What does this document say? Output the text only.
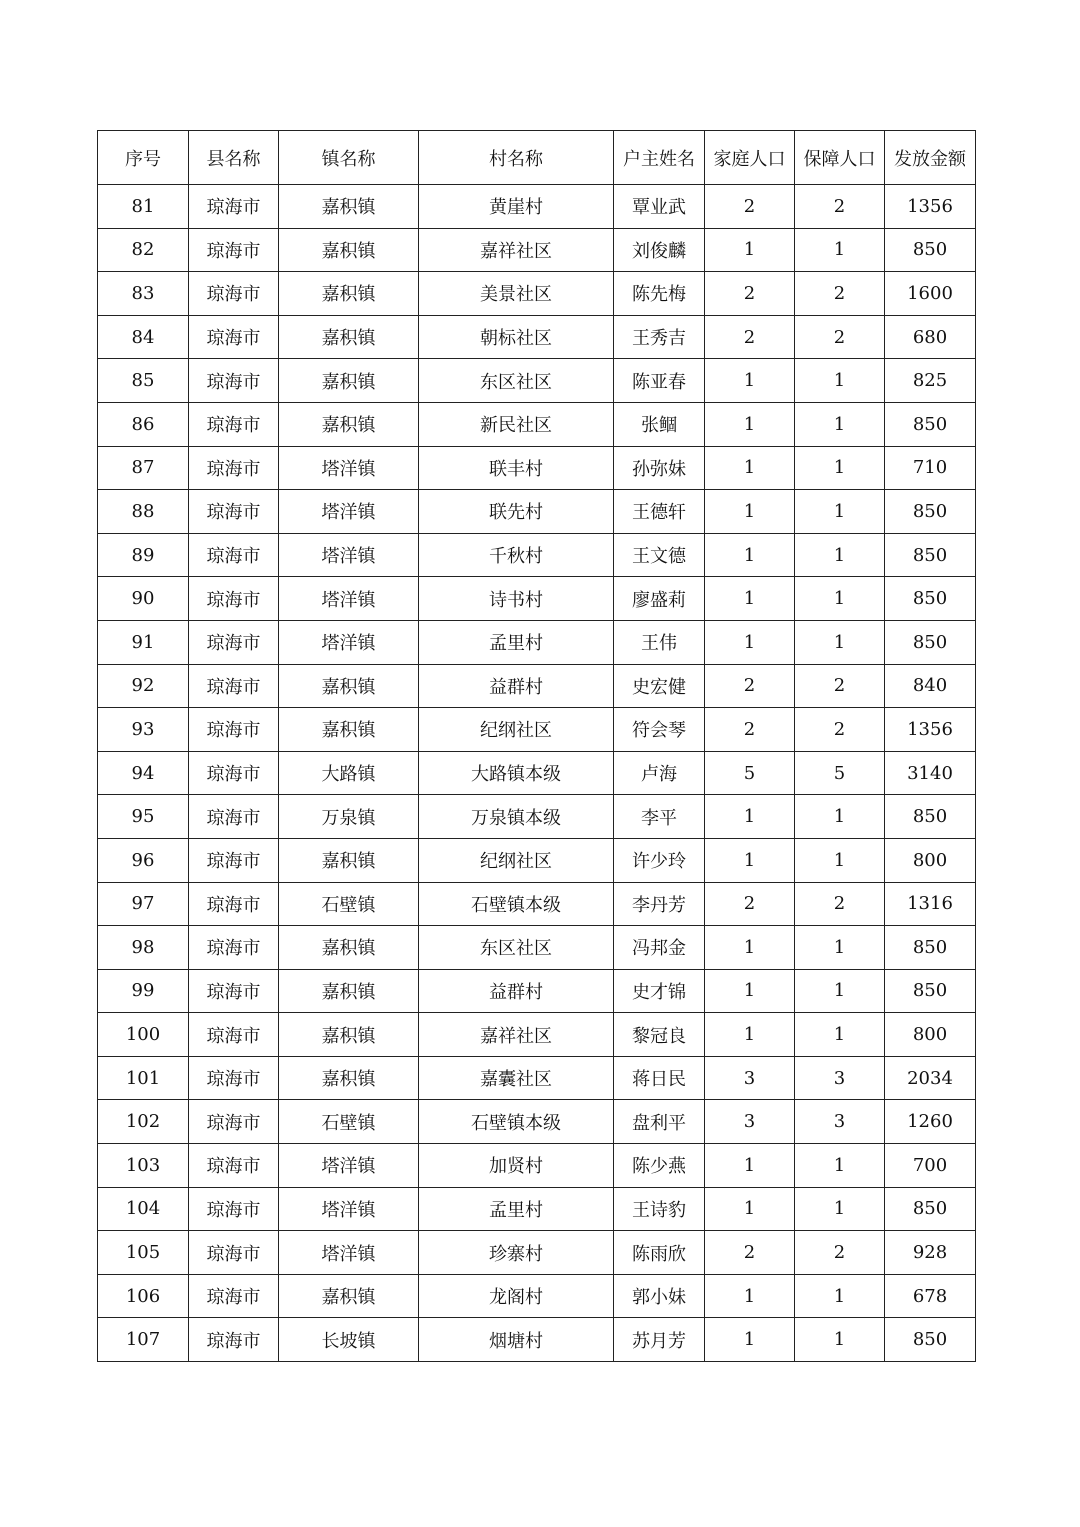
序号	县名称	镇名称	村名称	户主姓名	家庭人口	保障人口	发放金额
81	琼海市	嘉积镇	黄崖村	覃业武	2	2	1356
82	琼海市	嘉积镇	嘉祥社区	刘俊麟	1	1	850
83	琼海市	嘉积镇	美景社区	陈先梅	2	2	1600
84	琼海市	嘉积镇	朝标社区	王秀吉	2	2	680
85	琼海市	嘉积镇	东区社区	陈亚春	1	1	825
86	琼海市	嘉积镇	新民社区	张鲴	1	1	850
87	琼海市	塔洋镇	联丰村	孙弥妹	1	1	710
88	琼海市	塔洋镇	联先村	王德轩	1	1	850
89	琼海市	塔洋镇	千秋村	王文德	1	1	850
90	琼海市	塔洋镇	诗书村	廖盛莉	1	1	850
91	琼海市	塔洋镇	孟里村	王伟	1	1	850
92	琼海市	嘉积镇	益群村	史宏健	2	2	840
93	琼海市	嘉积镇	纪纲社区	符会琴	2	2	1356
94	琼海市	大路镇	大路镇本级	卢海	5	5	3140
95	琼海市	万泉镇	万泉镇本级	李平	1	1	850
96	琼海市	嘉积镇	纪纲社区	许少玲	1	1	800
97	琼海市	石壁镇	石壁镇本级	李丹芳	2	2	1316
98	琼海市	嘉积镇	东区社区	冯邦金	1	1	850
99	琼海市	嘉积镇	益群村	史才锦	1	1	850
100	琼海市	嘉积镇	嘉祥社区	黎冠良	1	1	800
101	琼海市	嘉积镇	嘉囊社区	蒋日民	3	3	2034
102	琼海市	石壁镇	石壁镇本级	盘利平	3	3	1260
103	琼海市	塔洋镇	加贤村	陈少燕	1	1	700
104	琼海市	塔洋镇	孟里村	王诗豹	1	1	850
105	琼海市	塔洋镇	珍寨村	陈雨欣	2	2	928
106	琼海市	嘉积镇	龙阁村	郭小妹	1	1	678
107	琼海市	长坡镇	烟塘村	苏月芳	1	1	850
